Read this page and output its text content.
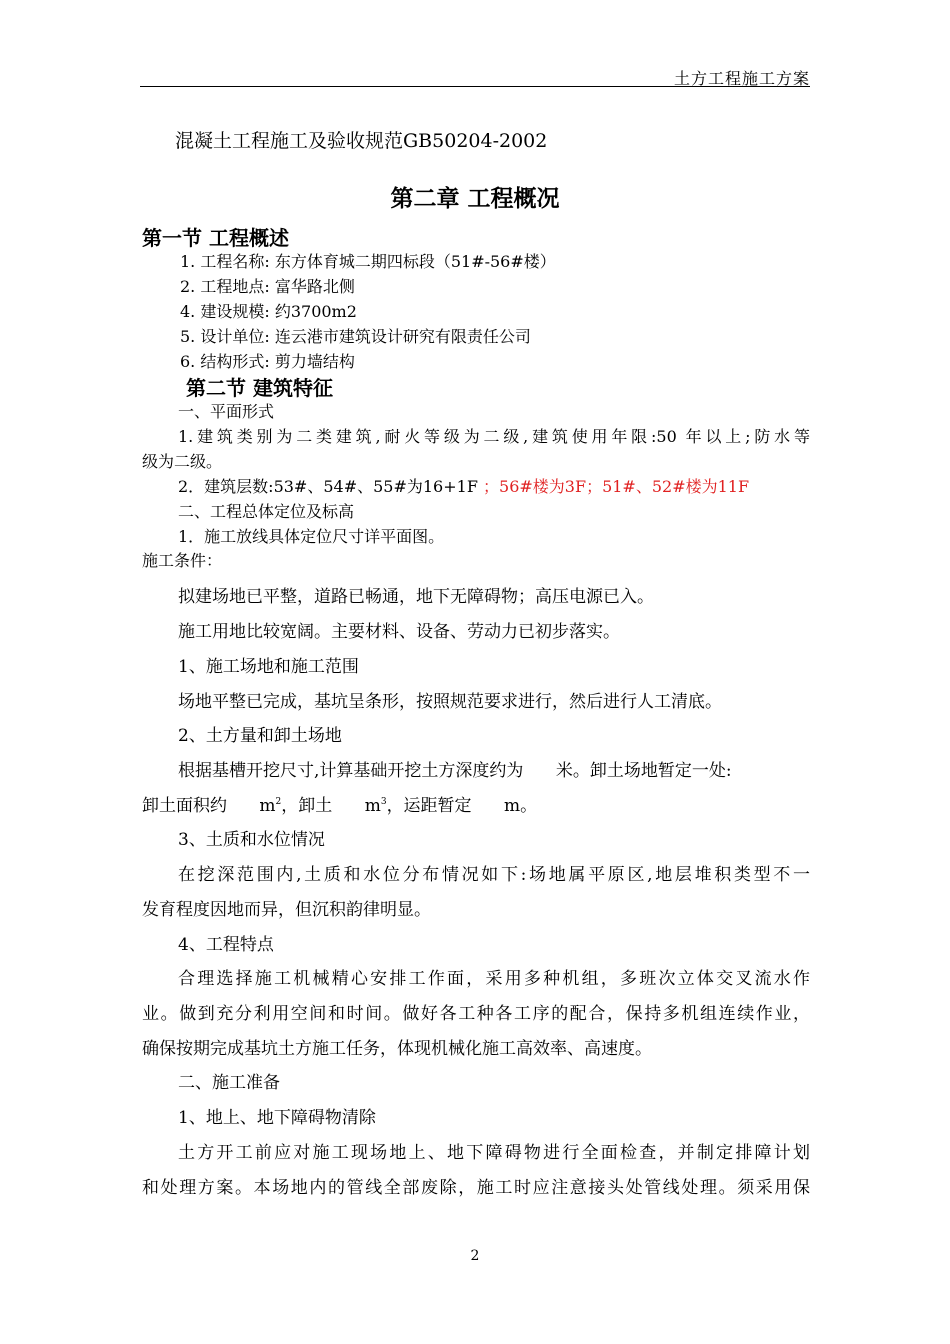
土方工程施工方案
混凝土工程施工及验收规范GB50204-2002
第二章 工程概况
第一节 工程概述
1. 工程名称: 东方体育城二期四标段（51#-56#楼）
2. 工程地点: 富华路北侧
4. 建设规模: 约3700m2
5. 设计单位: 连云港市建筑设计研究有限责任公司
6. 结构形式: 剪力墙结构
第二节 建筑特征
一、平面形式
1.建筑类别为二类建筑,耐火等级为二级,建筑使用年限:50 年以上;防水等
级为二级。
2．建筑层数:53#、54#、55#为16+1F ；56#楼为3F；51#、52#楼为11F
二、工程总体定位及标高
1．施工放线具体定位尺寸详平面图。
施工条件：
拟建场地已平整，道路已畅通，地下无障碍物；高压电源已入。
施工用地比较宽阔。主要材料、设备、劳动力已初步落实。
1、施工场地和施工范围
场地平整已完成，基坑呈条形，按照规范要求进行，然后进行人工清底。
2、土方量和卸土场地
根据基槽开挖尺寸,计算基础开挖土方深度约为      米。卸土场地暂定一处:
卸土面积约      $m^2$，卸土      $m^3$，运距暂定      m。
3、土质和水位情况
在挖深范围内,土质和水位分布情况如下:场地属平原区,地层堆积类型不一
发育程度因地而异，但沉积韵律明显。
4、工程特点
合理选择施工机械精心安排工作面，采用多种机组，多班次立体交叉流水作
业。做到充分利用空间和时间。做好各工种各工序的配合，保持多机组连续作业，
确保按期完成基坑土方施工任务，体现机械化施工高效率、高速度。
二、施工准备
1、地上、地下障碍物清除
土方开工前应对施工现场地上、地下障碍物进行全面检查，并制定排障计划
和处理方案。本场地内的管线全部废除，施工时应注意接头处管线处理。须采用保
2
